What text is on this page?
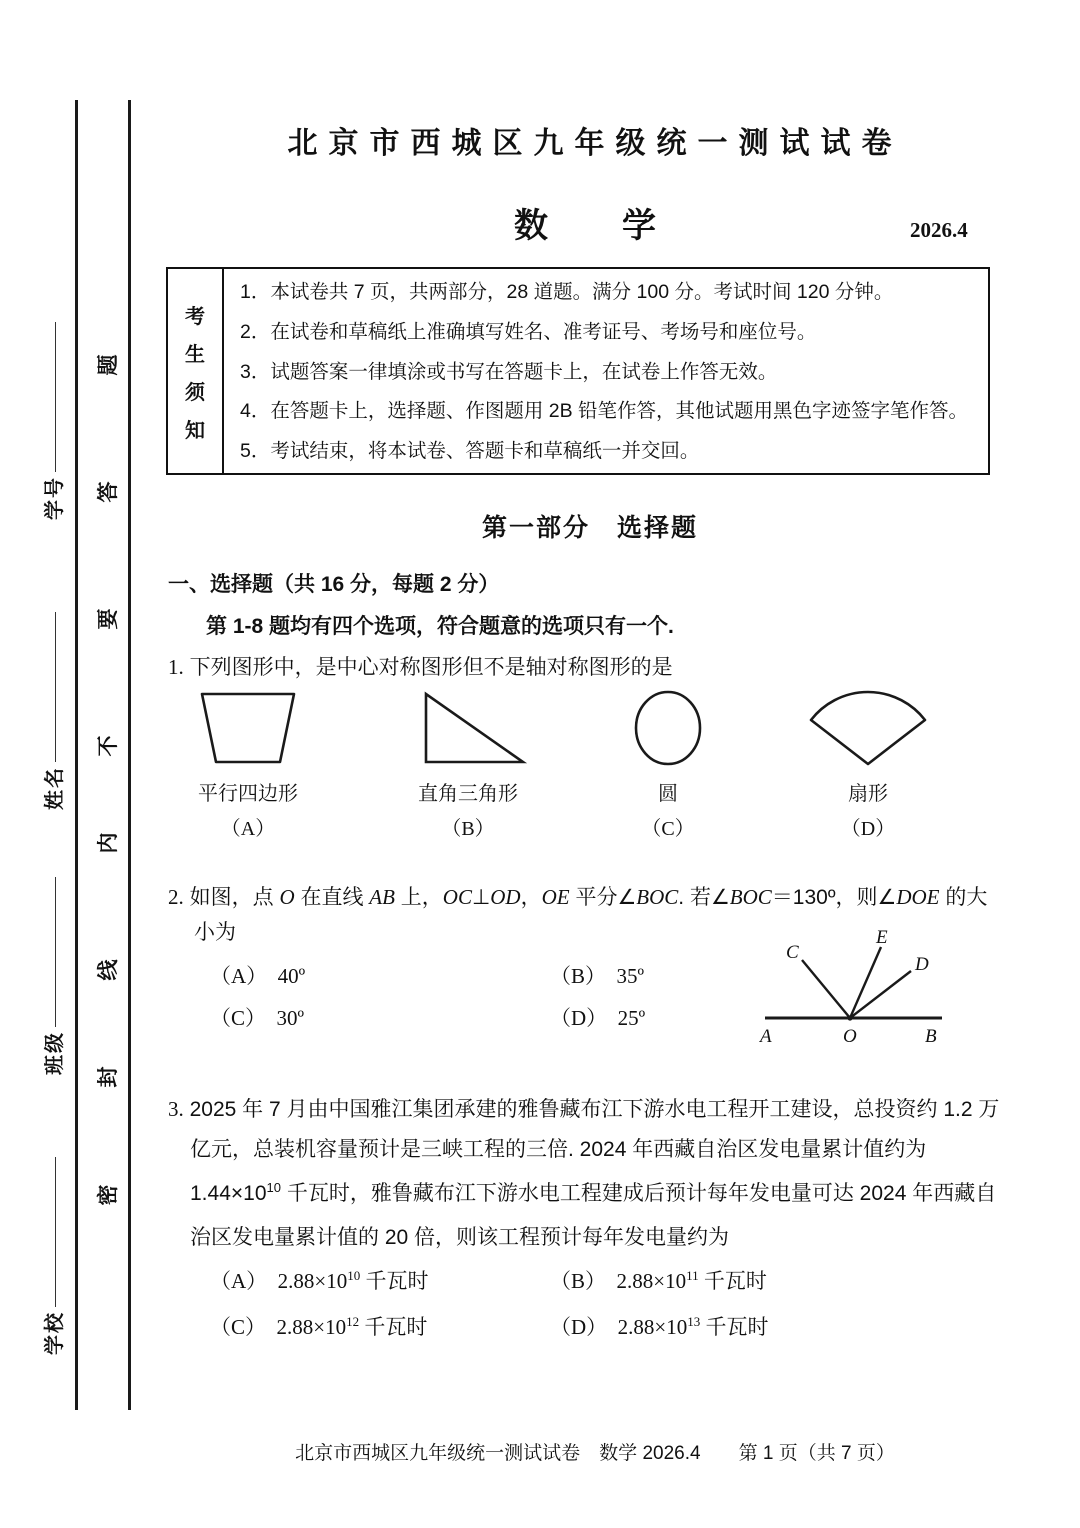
题
答
要
不
内
线
封
密
学号
姓名
班级
学校
北京市西城区九年级统一测试试卷
数　学	2026.4
考
生
须
知
1．本试卷共 7 页，共两部分，28 道题。满分 100 分。考试时间 120 分钟。
2．在试卷和草稿纸上准确填写姓名、准考证号、考场号和座位号。
3．试题答案一律填涂或书写在答题卡上，在试卷上作答无效。
4．在答题卡上，选择题、作图题用 2B 铅笔作答，其他试题用黑色字迹签字笔作答。
5．考试结束，将本试卷、答题卡和草稿纸一并交回。
第一部分　选择题
一、选择题（共 16 分，每题 2 分）
第 1-8 题均有四个选项，符合题意的选项只有一个.
1. 下列图形中，是中心对称图形但不是轴对称图形的是
平行四边形
（A）
直角三角形
（B）
圆
（C）
扇形
（D）
2. 如图，点 O 在直线 AB 上，OC⊥OD，OE 平分∠BOC. 若∠BOC＝130º，则∠DOE 的大
小为
（A）　 40º	（B）　 35º
（C）　 30º	（D）　 25º
C
E
D
A	O	B
3. 2025 年 7 月由中国雅江集团承建的雅鲁藏布江下游水电工程开工建设，总投资约 1.2 万
亿元，总装机容量预计是三峡工程的三倍. 2024 年西藏自治区发电量累计值约为
$1.44\times 10^{10}$ 千瓦时，雅鲁藏布江下游水电工程建成后预计每年发电量可达 2024 年西藏自
治区发电量累计值的 20 倍，则该工程预计每年发电量约为
（A）　 $2.88\times 10^{10}$ 千瓦时	（B）　 $2.88\times 10^{11}$ 千瓦时
（C）　 $2.88\times 10^{12}$ 千瓦时	（D）　 $2.88\times 10^{13}$ 千瓦时
北京市西城区九年级统一测试试卷　数学 2026.4　　第 1 页（共 7 页）
